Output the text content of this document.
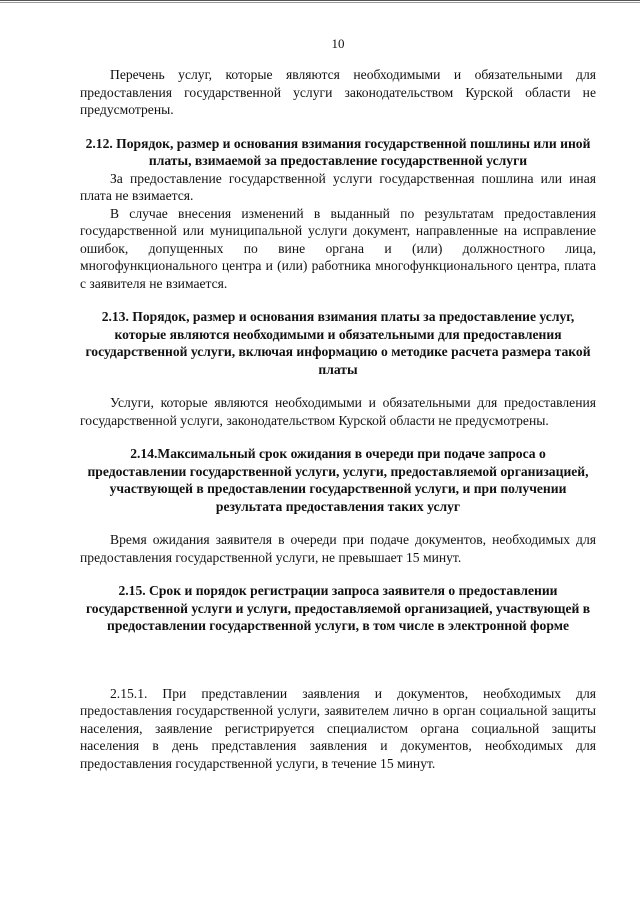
10

Перечень услуг, которые являются необходимыми и обязательными для предоставления государственной услуги законодательством Курской области не предусмотрены.

2.12. Порядок, размер и основания взимания государственной пошлины или иной платы, взимаемой за предоставление государственной услуги

За предоставление государственной услуги государственная пошлина или иная плата не взимается.

В случае внесения изменений в выданный по результатам предоставления государственной или муниципальной услуги документ, направленные на исправление ошибок, допущенных по вине органа и (или) должностного лица, многофункционального центра и (или) работника многофункционального центра, плата с заявителя не взимается.

2.13. Порядок, размер и основания взимания платы за предоставление услуг, которые являются необходимыми и обязательными для предоставления государственной услуги, включая информацию о методике расчета размера такой платы

Услуги, которые являются необходимыми и обязательными для предоставления государственной услуги, законодательством Курской области не предусмотрены.

2.14.Максимальный срок ожидания в очереди при подаче запроса о предоставлении государственной услуги, услуги, предоставляемой организацией, участвующей в предоставлении государственной услуги, и при получении результата предоставления таких услуг

Время ожидания заявителя в очереди при подаче документов, необходимых для предоставления государственной услуги, не превышает 15 минут.

2.15. Срок и порядок регистрации запроса заявителя о предоставлении государственной услуги и услуги, предоставляемой организацией, участвующей в предоставлении государственной услуги, в том числе в электронной форме

2.15.1. При представлении заявления и документов, необходимых для предоставления государственной услуги, заявителем лично в орган социальной защиты населения, заявление регистрируется специалистом органа социальной защиты населения в день представления заявления и документов, необходимых для предоставления государственной услуги, в течение 15 минут.
